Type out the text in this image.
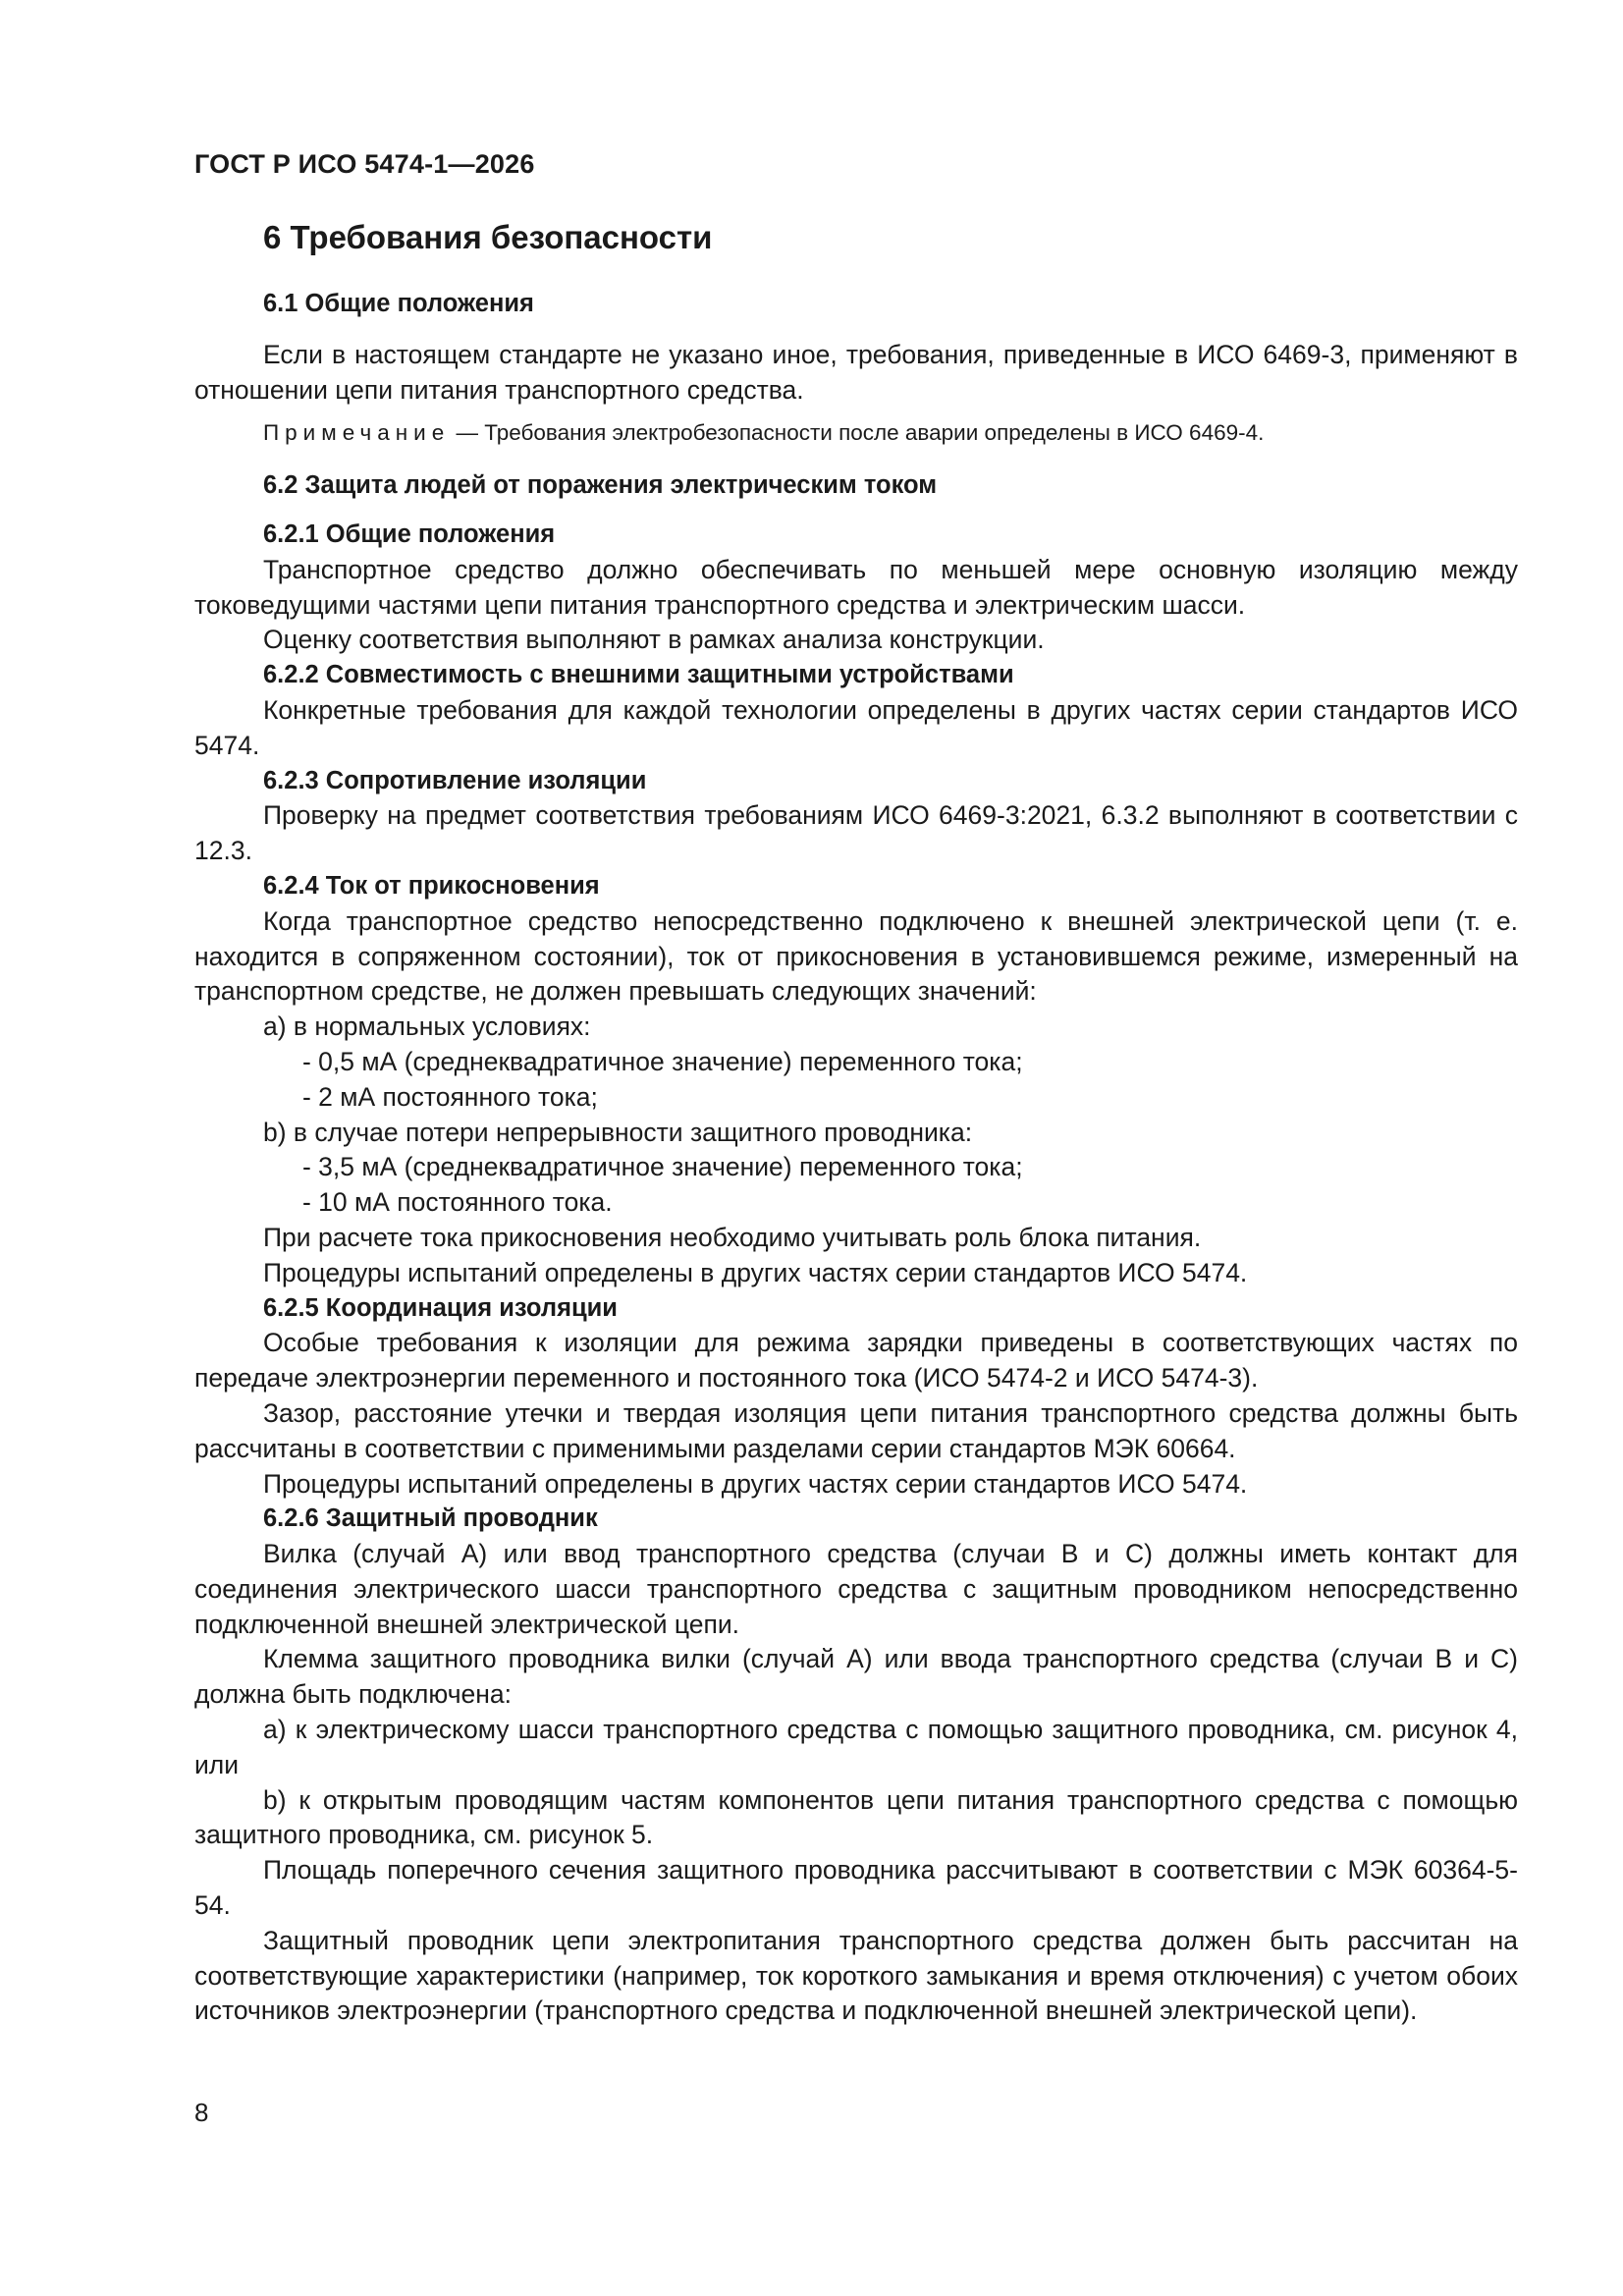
ГОСТ Р ИСО 5474-1—2026

6 Требования безопасности

6.1 Общие положения

Если в настоящем стандарте не указано иное, требования, приведенные в ИСО 6469-3, применяют в отношении цепи питания транспортного средства.

Примечание — Требования электробезопасности после аварии определены в ИСО 6469-4.

6.2 Защита людей от поражения электрическим током

6.2.1 Общие положения

Транспортное средство должно обеспечивать по меньшей мере основную изоляцию между токоведущими частями цепи питания транспортного средства и электрическим шасси.

Оценку соответствия выполняют в рамках анализа конструкции.

6.2.2 Совместимость с внешними защитными устройствами

Конкретные требования для каждой технологии определены в других частях серии стандартов ИСО 5474.

6.2.3 Сопротивление изоляции

Проверку на предмет соответствия требованиям ИСО 6469-3:2021, 6.3.2 выполняют в соответствии с 12.3.

6.2.4 Ток от прикосновения

Когда транспортное средство непосредственно подключено к внешней электрической цепи (т. е. находится в сопряженном состоянии), ток от прикосновения в установившемся режиме, измеренный на транспортном средстве, не должен превышать следующих значений:

a) в нормальных условиях:

- 0,5 мА (среднеквадратичное значение) переменного тока;

- 2 мА постоянного тока;

b) в случае потери непрерывности защитного проводника:

- 3,5 мА (среднеквадратичное значение) переменного тока;

- 10 мА постоянного тока.

При расчете тока прикосновения необходимо учитывать роль блока питания.

Процедуры испытаний определены в других частях серии стандартов ИСО 5474.

6.2.5 Координация изоляции

Особые требования к изоляции для режима зарядки приведены в соответствующих частях по передаче электроэнергии переменного и постоянного тока (ИСО 5474-2 и ИСО 5474-3).

Зазор, расстояние утечки и твердая изоляция цепи питания транспортного средства должны быть рассчитаны в соответствии с применимыми разделами серии стандартов МЭК 60664.

Процедуры испытаний определены в других частях серии стандартов ИСО 5474.

6.2.6 Защитный проводник

Вилка (случай А) или ввод транспортного средства (случаи В и С) должны иметь контакт для соединения электрического шасси транспортного средства с защитным проводником непосредственно подключенной внешней электрической цепи.

Клемма защитного проводника вилки (случай А) или ввода транспортного средства (случаи В и С) должна быть подключена:

a) к электрическому шасси транспортного средства с помощью защитного проводника, см. рисунок 4, или

b) к открытым проводящим частям компонентов цепи питания транспортного средства с помощью защитного проводника, см. рисунок 5.

Площадь поперечного сечения защитного проводника рассчитывают в соответствии с МЭК 60364-5-54.

Защитный проводник цепи электропитания транспортного средства должен быть рассчитан на соответствующие характеристики (например, ток короткого замыкания и время отключения) с учетом обоих источников электроэнергии (транспортного средства и подключенной внешней электрической цепи).

8
